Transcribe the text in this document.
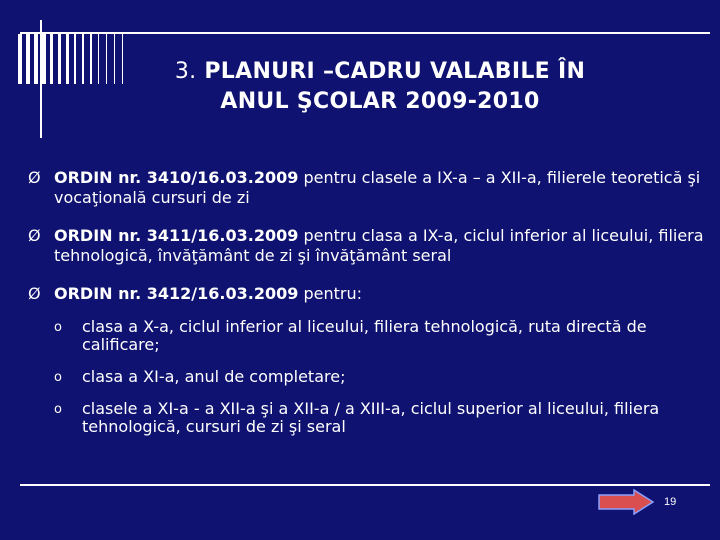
3. PLANURI –CADRU VALABILE ÎN
ANUL ŞCOLAR 2009-2010
Ø ORDIN nr. 3410/16.03.2009 pentru clasele a IX-a – a XII-a, filierele teoretică şi vocaţională cursuri de zi
Ø ORDIN nr. 3411/16.03.2009 pentru clasa a IX-a, ciclul inferior al liceului, filiera tehnologică, învăţământ de zi şi învăţământ seral
Ø ORDIN nr. 3412/16.03.2009 pentru:
o clasa a X-a, ciclul inferior al liceului, filiera tehnologică, ruta directă de calificare;
o clasa a XI-a, anul de completare;
o clasele a XI-a - a XII-a şi a XII-a / a XIII-a, ciclul superior al liceului, filiera tehnologică, cursuri de zi şi seral
19
